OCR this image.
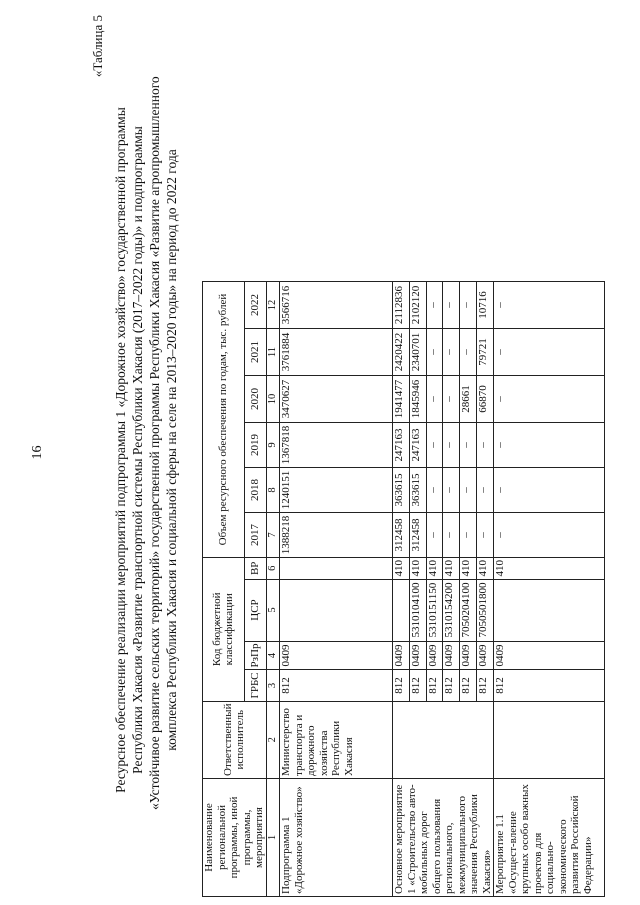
16
«Таблица 5
Ресурсное обеспечение реализации мероприятий подпрограммы 1 «Дорожное хозяйство» государственной программы Республики Хакасия «Развитие транспортной системы Республики Хакасия (2017–2022 годы)» и подпрограммы «Устойчивое развитие сельских территорий» государственной программы Республики Хакасия «Развитие агропромышленного комплекса Республики Хакасия и социальной сферы на селе на 2013–2020 годы» на период до 2022 года
Наименование региональной программы, иной программы, мероприятия	Ответственный исполнитель	Код бюджетной классификации				Объем ресурсного обеспечения по годам, тыс. рублей					
		ГРБС	РзПр	ЦСР	ВР	2017	2018	2019	2020	2021	2022
1	2	3	4	5	6	7	8	9	10	11	12
Подпрограмма 1 «Дорожное хозяйство»	Министерство транспорта и дорожного хозяйства Республики Хакасия	812	0409			1388218	1240151	1367818	3470627	3761884	3566716
Основное мероприятие 1 «Строительство авто-мобильных дорог общего пользования регионального, межмуниципального значения Республики Хакасия»		812	0409		410	312458	363615	247163	1941477	2420422	2112836
		812	0409	5310104100	410	312458	363615	247163	1845946	2340701	2102120
		812	0409	5310151150	410	–	–	–	–	–	–
		812	0409	5310154200	410	–	–	–	–	–	–
		812	0409	7050204100	410	–	–	–	28661	–	–
		812	0409	7050501800	410	–	–	–	66870	79721	10716
Мероприятие 1.1 «Осущест-вление крупных особо важных проектов для социально-экономического развития Российской Федерации»		812	0409		410	–	–	–	–	–	–
